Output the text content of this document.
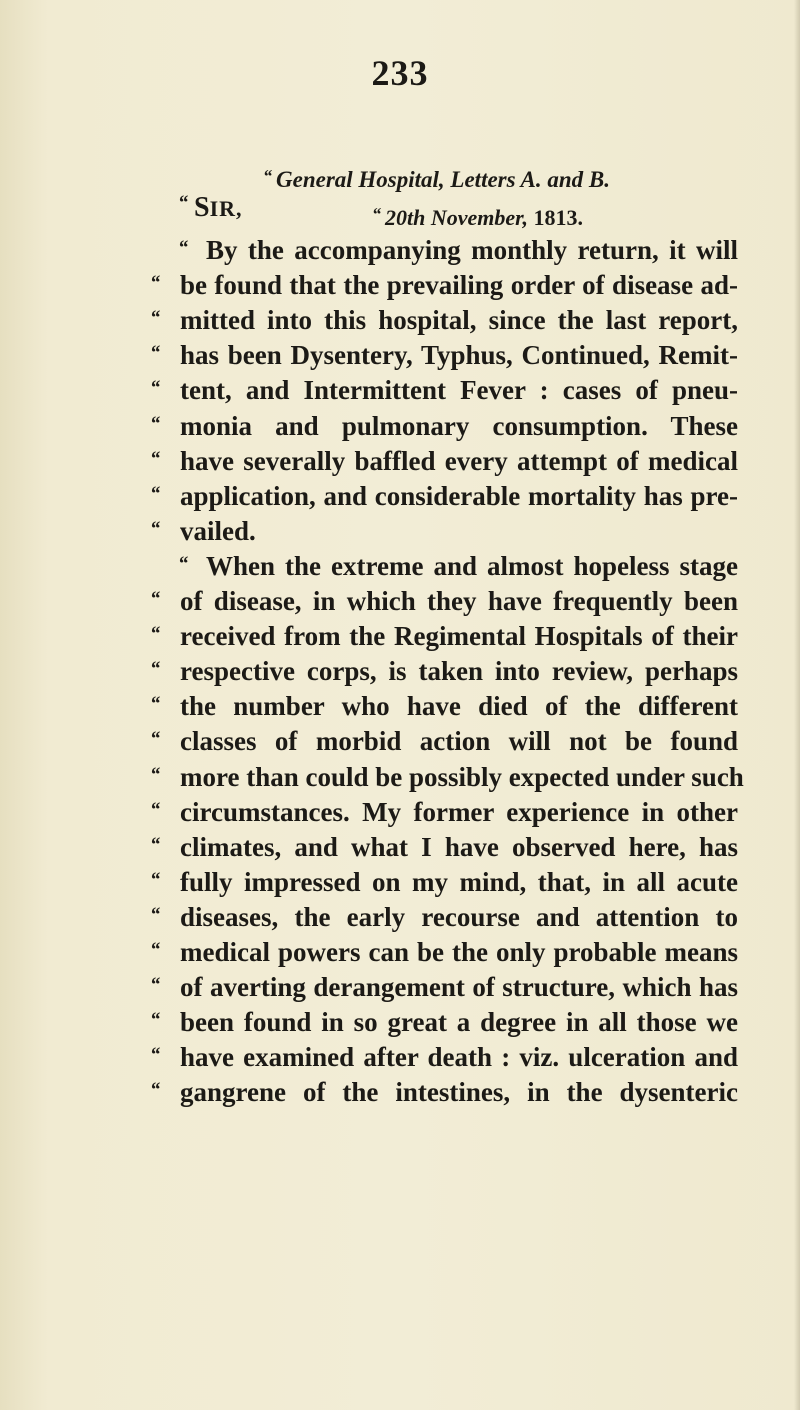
233
“ General Hospital, Letters A. and B.
“ 20th November, 1813.
“ SIR,
“ By the accompanying monthly return, it will
“ be found that the prevailing order of disease ad-
“ mitted into this hospital, since the last report,
“ has been Dysentery, Typhus, Continued, Remit-
“ tent, and Intermittent Fever : cases of pneu-
“ monia and pulmonary consumption. These
“ have severally baffled every attempt of medical
“ application, and considerable mortality has pre-
“ vailed.
“ When the extreme and almost hopeless stage
“ of disease, in which they have frequently been
“ received from the Regimental Hospitals of their
“ respective corps, is taken into review, perhaps
“ the number who have died of the different
“ classes of morbid action will not be found
“ more than could be possibly expected under such
“ circumstances. My former experience in other
“ climates, and what I have observed here, has
“ fully impressed on my mind, that, in all acute
“ diseases, the early recourse and attention to
“ medical powers can be the only probable means
“ of averting derangement of structure, which has
“ been found in so great a degree in all those we
“ have examined after death : viz. ulceration and
“ gangrene of the intestines, in the dysenteric
